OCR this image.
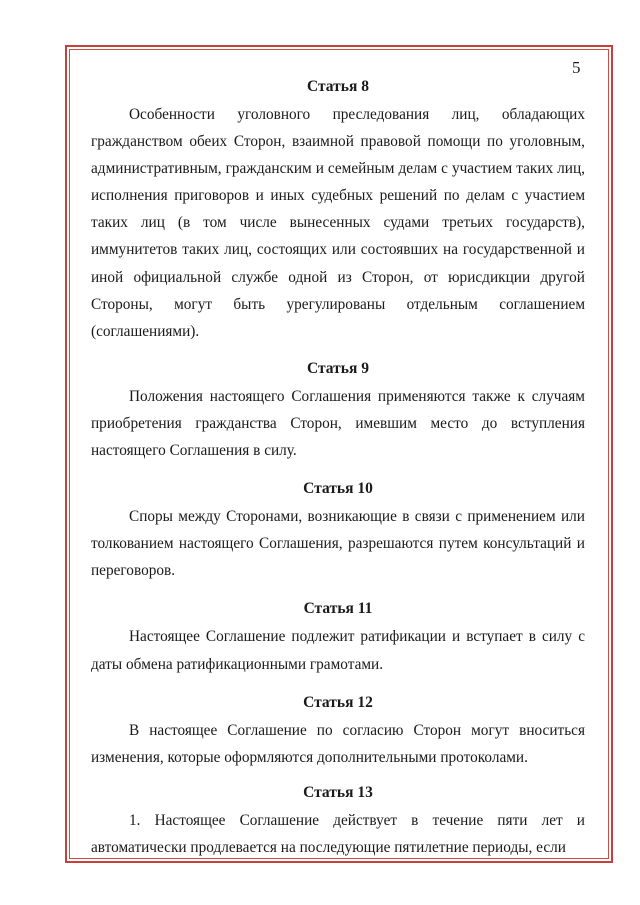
5
Статья 8

Особенности уголовного преследования лиц, обладающих гражданством обеих Сторон, взаимной правовой помощи по уголовным, административным, гражданским и семейным делам с участием таких лиц, исполнения приговоров и иных судебных решений по делам с участием таких лиц (в том числе вынесенных судами третьих государств), иммунитетов таких лиц, состоящих или состоявших на государственной и иной официальной службе одной из Сторон, от юрисдикции другой Стороны, могут быть урегулированы отдельным соглашением (соглашениями).

Статья 9

Положения настоящего Соглашения применяются также к случаям приобретения гражданства Сторон, имевшим место до вступления настоящего Соглашения в силу.

Статья 10

Споры между Сторонами, возникающие в связи с применением или толкованием настоящего Соглашения, разрешаются путем консультаций и переговоров.

Статья 11

Настоящее Соглашение подлежит ратификации и вступает в силу с даты обмена ратификационными грамотами.

Статья 12

В настоящее Соглашение по согласию Сторон могут вноситься изменения, которые оформляются дополнительными протоколами.

Статья 13

1. Настоящее Соглашение действует в течение пяти лет и автоматически продлевается на последующие пятилетние периоды, если
